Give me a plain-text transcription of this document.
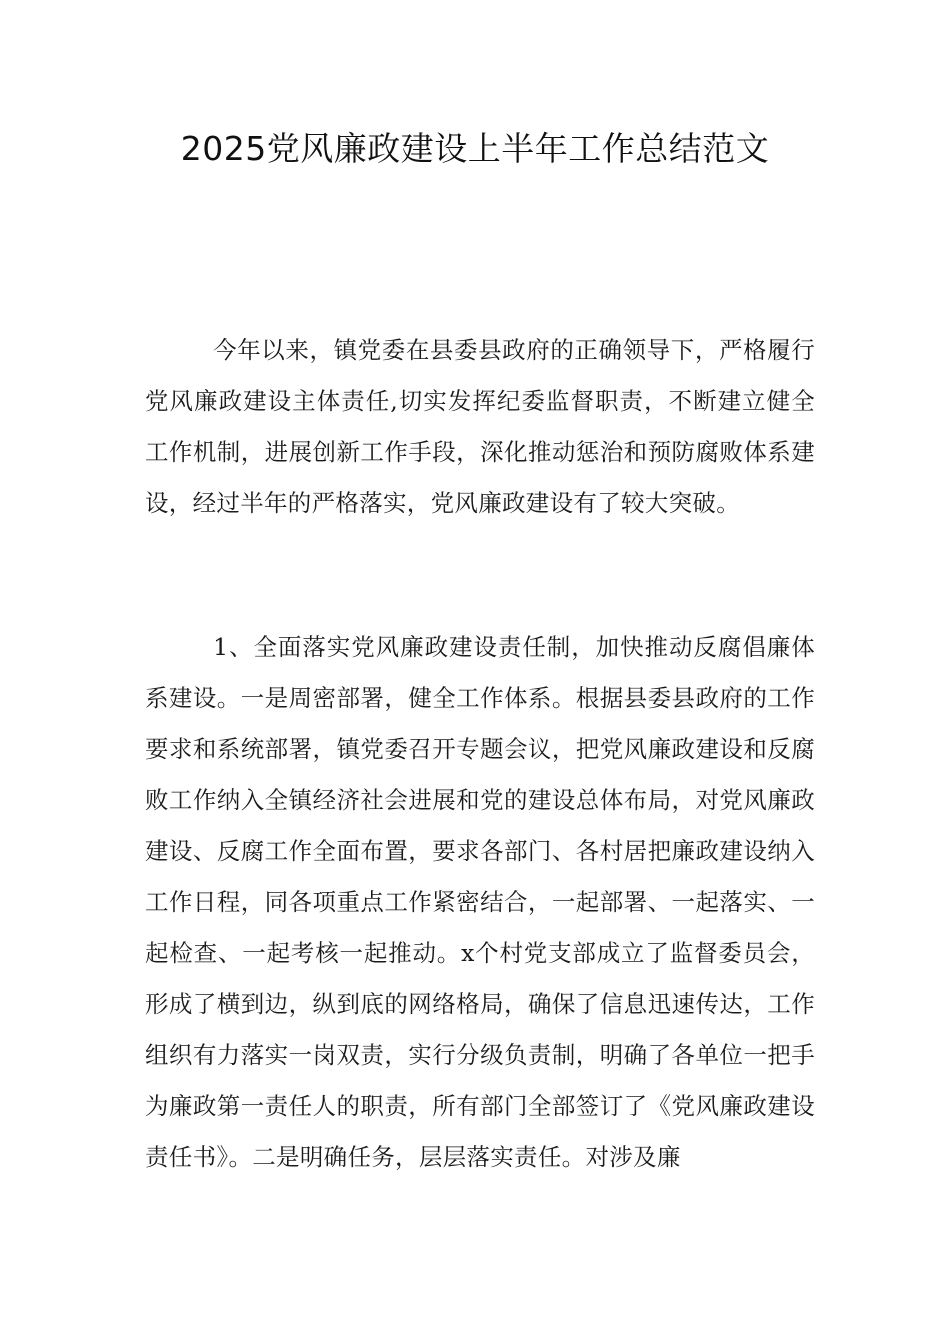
2025党风廉政建设上半年工作总结范文

今年以来，镇党委在县委县政府的正确领导下，严格履行党风廉政建设主体责任,切实发挥纪委监督职责，不断建立健全工作机制，进展创新工作手段，深化推动惩治和预防腐败体系建设，经过半年的严格落实，党风廉政建设有了较大突破。

1、全面落实党风廉政建设责任制，加快推动反腐倡廉体系建设。一是周密部署，健全工作体系。根据县委县政府的工作要求和系统部署，镇党委召开专题会议，把党风廉政建设和反腐败工作纳入全镇经济社会进展和党的建设总体布局，对党风廉政建设、反腐工作全面布置，要求各部门、各村居把廉政建设纳入工作日程，同各项重点工作紧密结合，一起部署、一起落实、一起检查、一起考核一起推动。x个村党支部成立了监督委员会，形成了横到边，纵到底的网络格局，确保了信息迅速传达，工作组织有力落实一岗双责，实行分级负责制，明确了各单位一把手为廉政第一责任人的职责，所有部门全部签订了《党风廉政建设责任书》。二是明确任务，层层落实责任。对涉及廉
